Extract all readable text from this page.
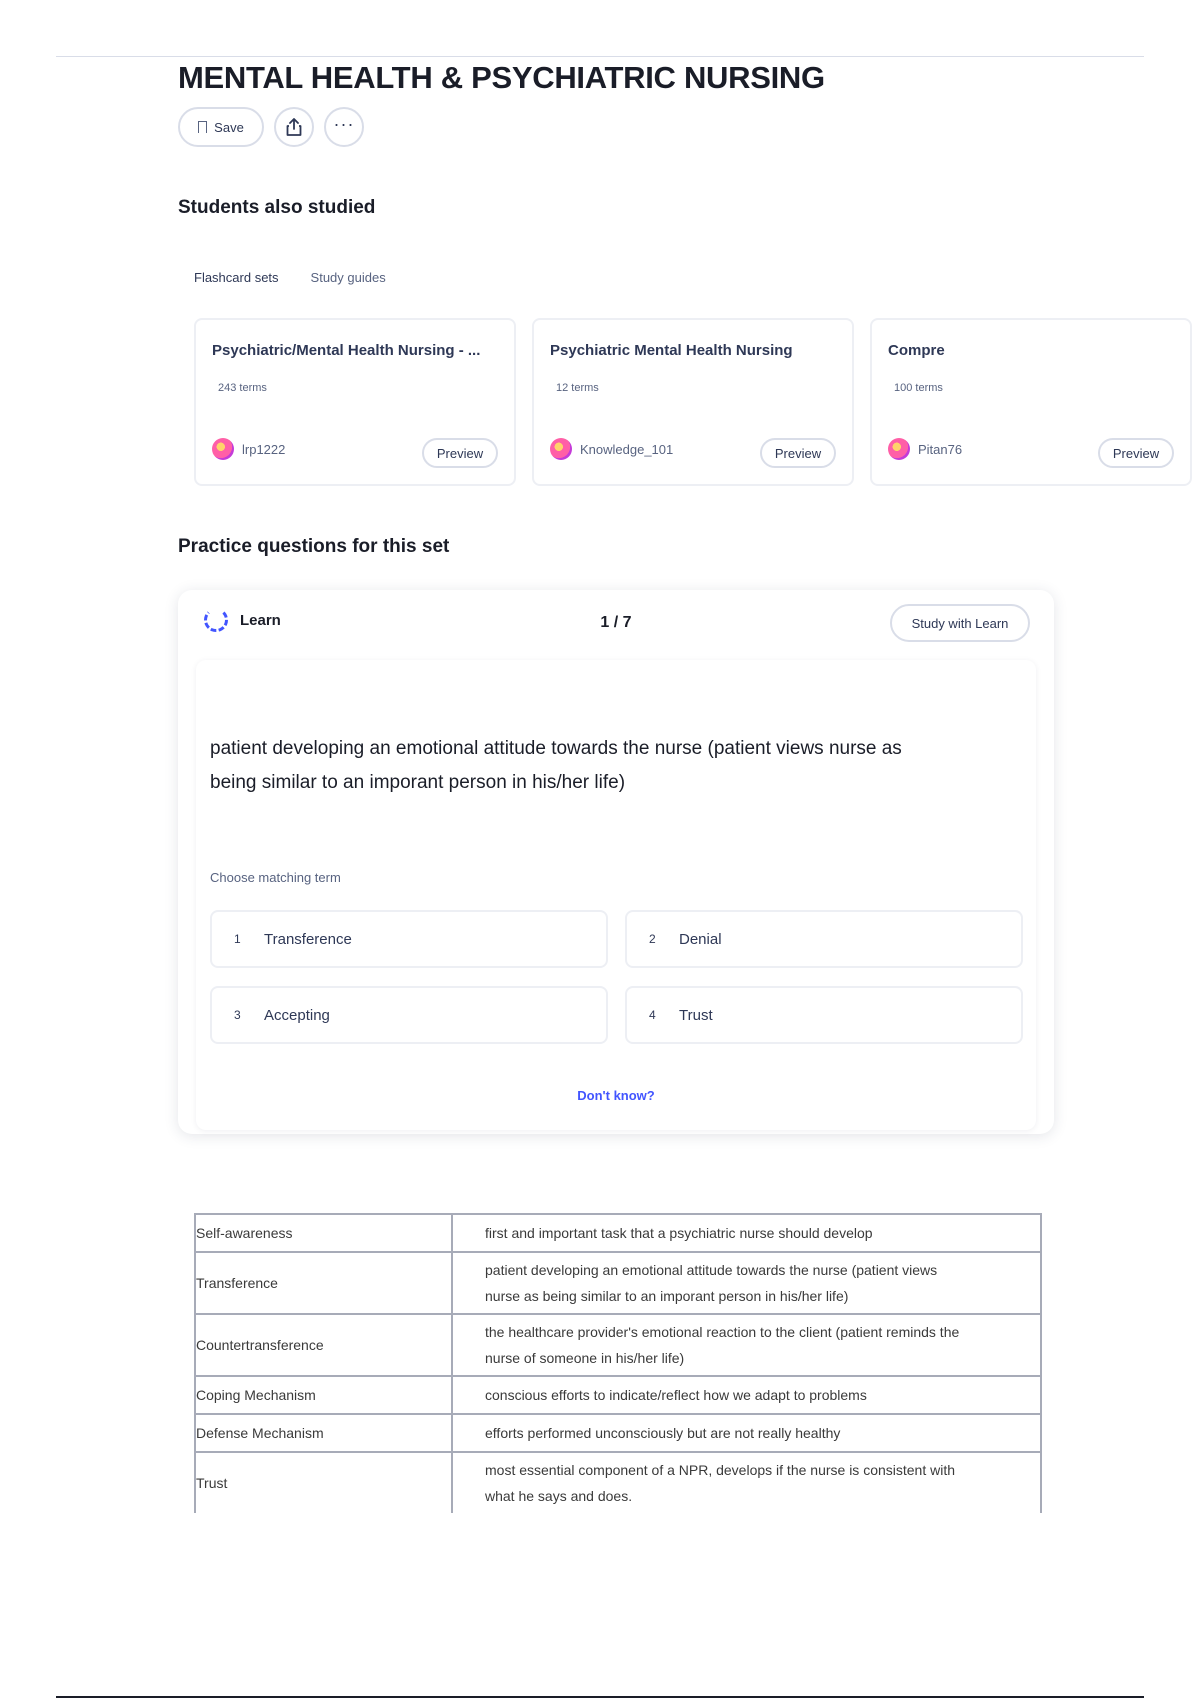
MENTAL HEALTH & PSYCHIATRIC NURSING
Save	···
Students also studied
Flashcard sets Study guides
Psychiatric/Mental Health Nursing - ...
243 terms
lrp1222	Preview
Psychiatric Mental Health Nursing
12 terms
Knowledge_101	Preview
Compre
100 terms
Pitan76	Preview
Practice questions for this set
1 / 7
Learn	Study with Learn

patient developing an emotional attitude towards the nurse (patient views nurse as being similar to an imporant person in his/her life)

Choose matching term
1	Transference	2	Denial
3	Accepting	4	Trust
Don't know?
Self-awareness	first and important task that a psychiatric nurse should develop
Transference	patient developing an emotional attitude towards the nurse (patient views nurse as being similar to an imporant person in his/her life)
Countertransference	the healthcare provider's emotional reaction to the client (patient reminds the nurse of someone in his/her life)
Coping Mechanism	conscious efforts to indicate/reflect how we adapt to problems
Defense Mechanism	efforts performed unconsciously but are not really healthy
Trust	most essential component of a NPR, develops if the nurse is consistent with what he says and does.
